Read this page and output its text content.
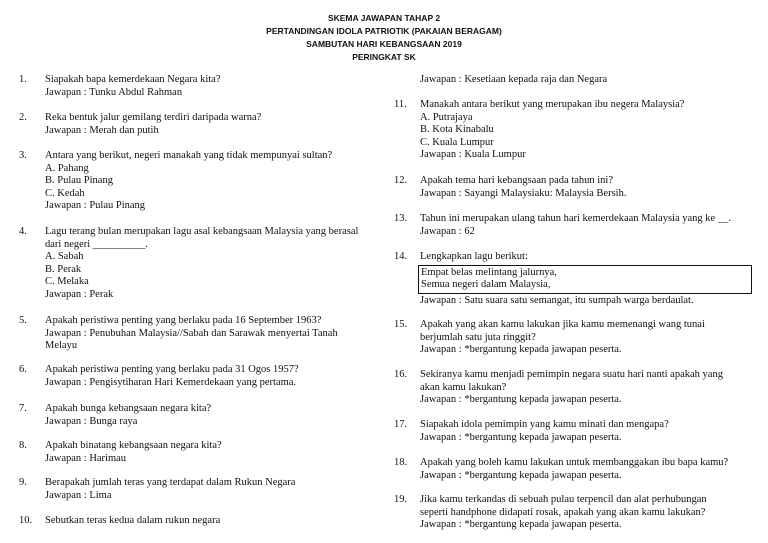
SKEMA JAWAPAN TAHAP 2
PERTANDINGAN IDOLA PATRIOTIK (PAKAIAN BERAGAM)
SAMBUTAN HARI KEBANGSAAN 2019
PERINGKAT SK
1. Siapakah bapa kemerdekaan Negara kita?
Jawapan : Tunku Abdul Rahman
2. Reka bentuk jalur gemilang terdiri daripada warna?
Jawapan : Merah dan putih
3. Antara yang berikut, negeri manakah yang tidak mempunyai sultan?
A. Pahang
B. Pulau Pinang
C. Kedah
Jawapan : Pulau Pinang
4. Lagu terang bulan merupakan lagu asal kebangsaan Malaysia yang berasal
dari negeri __________.
A. Sabah
B. Perak
C. Melaka
Jawapan : Perak
5. Apakah peristiwa penting yang berlaku pada 16 September 1963?
Jawapan : Penubuhan Malaysia//Sabah dan Sarawak menyertai Tanah
Melayu
6. Apakah peristiwa penting yang berlaku pada 31 Ogos 1957?
Jawapan : Pengisytiharan Hari Kemerdekaan yang pertama.
7. Apakah bunga kebangsaan negara kita?
Jawapan : Bunga raya
8. Apakah binatang kebangsaan negara kita?
Jawapan : Harimau
9. Berapakah jumlah teras yang terdapat dalam Rukun Negara
Jawapan : Lima
10. Sebutkan teras kedua dalam rukun negara
Jawapan : Kesetiaan kepada raja dan Negara
11. Manakah antara berikut yang merupakan ibu negera Malaysia?
A. Putrajaya
B. Kota Kinabalu
C. Kuala Lumpur
Jawapan : Kuala Lumpur
12. Apakah tema hari kebangsaan pada tahun ini?
Jawapan : Sayangi Malaysiaku: Malaysia Bersih.
13. Tahun ini merupakan ulang tahun hari kemerdekaan Malaysia yang ke __.
Jawapan : 62
14. Lengkapkan lagu berikut:
Empat belas melintang jalurnya,
Semua negeri dalam Malaysia,
Jawapan : Satu suara satu semangat, itu sumpah warga berdaulat.
15. Apakah yang akan kamu lakukan jika kamu memenangi wang tunai
berjumlah satu juta ringgit?
Jawapan : *bergantung kepada jawapan peserta.
16. Sekiranya kamu menjadi pemimpin negara suatu hari nanti apakah yang
akan kamu lakukan?
Jawapan : *bergantung kepada jawapan peserta.
17. Siapakah idola pemimpin yang kamu minati dan mengapa?
Jawapan : *bergantung kepada jawapan peserta.
18. Apakah yang boleh kamu lakukan untuk membanggakan ibu bapa kamu?
Jawapan : *bergantung kepada jawapan peserta.
19. Jika kamu terkandas di sebuah pulau terpencil dan alat perhubungan
seperti handphone didapati rosak, apakah yang akan kamu lakukan?
Jawapan : *bergantung kepada jawapan peserta.
